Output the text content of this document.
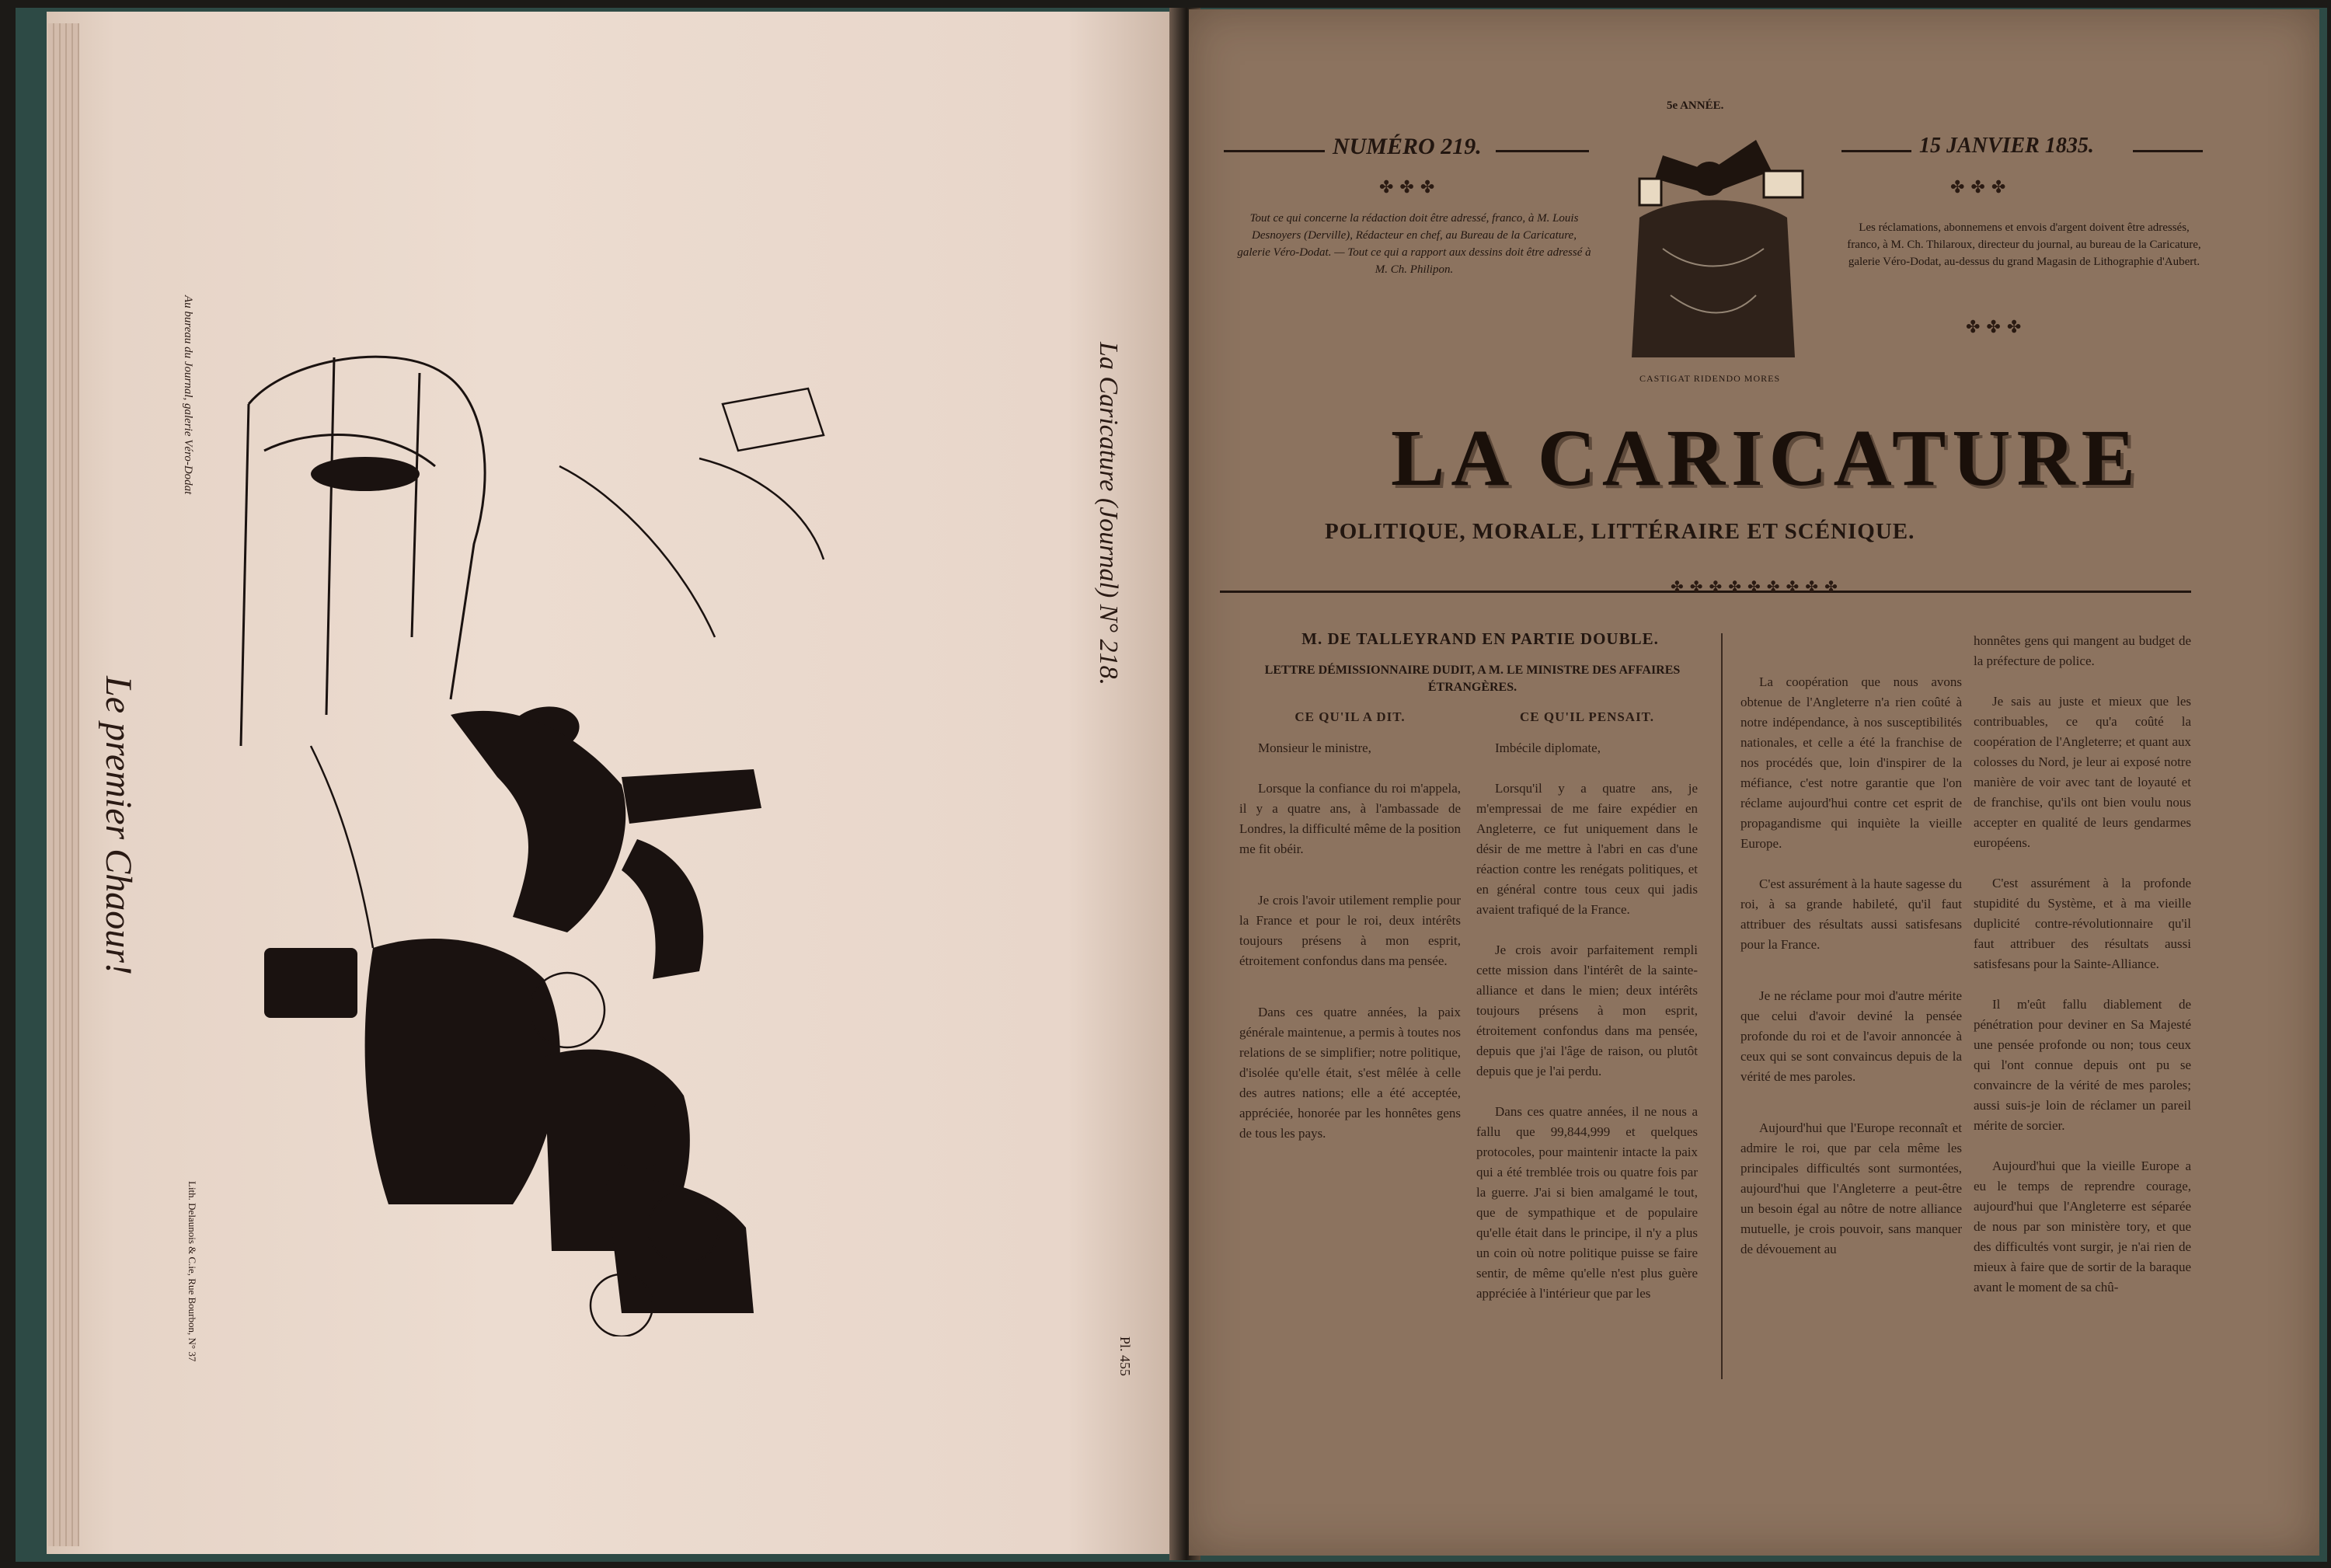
La Caricature (Journal) N° 218.
Le premier Chaour!
Au bureau du Journal, galerie Véro-Dodat
Lith. Delaunois & C.ie, Rue Bourbon, N° 37	Pl. 455
5e ANNÉE.
NUMÉRO 219.	15 JANVIER 1835.
✤✤✤	✤✤✤
CASTIGAT RIDENDO MORES
Tout ce qui concerne la rédaction doit être adressé, franco, à M. Louis Desnoyers (Derville), Rédacteur en chef, au Bureau de la Caricature, galerie Véro-Dodat. — Tout ce qui a rapport aux dessins doit être adressé à M. Ch. Philipon.
Les réclamations, abonnemens et envois d'argent doivent être adressés, franco, à M. Ch. Thilaroux, directeur du journal, au bureau de la Caricature, galerie Véro-Dodat, au-dessus du grand Magasin de Lithographie d'Aubert.
✤✤✤
LA CARICATURE
POLITIQUE, MORALE, LITTÉRAIRE ET SCÉNIQUE.
✤✤✤✤✤✤✤✤✤
M. DE TALLEYRAND EN PARTIE DOUBLE.
LETTRE DÉMISSIONNAIRE DUDIT, A M. LE MINISTRE DES AFFAIRES ÉTRANGÈRES.

CE QU'IL A DIT.

Monsieur le ministre,

Lorsque la confiance du roi m'appela, il y a quatre ans, à l'ambassade de Londres, la difficulté même de la position me fit obéir.

Je crois l'avoir utilement remplie pour la France et pour le roi, deux intérêts toujours présens à mon esprit, étroitement confondus dans ma pensée.

Dans ces quatre années, la paix générale maintenue, a permis à toutes nos relations de se simplifier; notre politique, d'isolée qu'elle était, s'est mêlée à celle des autres nations; elle a été acceptée, appréciée, honorée par les honnêtes gens de tous les pays.

CE QU'IL PENSAIT.

Imbécile diplomate,

Lorsqu'il y a quatre ans, je m'empressai de me faire expédier en Angleterre, ce fut uniquement dans le désir de me mettre à l'abri en cas d'une réaction contre les renégats politiques, et en général contre tous ceux qui jadis avaient trafiqué de la France.

Je crois avoir parfaitement rempli cette mission dans l'intérêt de la sainte-alliance et dans le mien; deux intérêts toujours présens à mon esprit, étroitement confondus dans ma pensée, depuis que j'ai l'âge de raison, ou plutôt depuis que je l'ai perdu.

Dans ces quatre années, il ne nous a fallu que 99,844,999 et quelques protocoles, pour maintenir intacte la paix qui a été tremblée trois ou quatre fois par la guerre. J'ai si bien amalgamé le tout, que de sympathique et de populaire qu'elle était dans le principe, il n'y a plus un coin où notre politique puisse se faire sentir, de même qu'elle n'est plus guère appréciée à l'intérieur que par les

La coopération que nous avons obtenue de l'Angleterre n'a rien coûté à notre indépendance, à nos susceptibilités nationales, et celle a été la franchise de nos procédés que, loin d'inspirer de la méfiance, c'est notre garantie que l'on réclame aujourd'hui contre cet esprit de propagandisme qui inquiète la vieille Europe.

C'est assurément à la haute sagesse du roi, à sa grande habileté, qu'il faut attribuer des résultats aussi satisfesans pour la France.

Je ne réclame pour moi d'autre mérite que celui d'avoir deviné la pensée profonde du roi et de l'avoir annoncée à ceux qui se sont convaincus depuis de la vérité de mes paroles.

Aujourd'hui que l'Europe reconnaît et admire le roi, que par cela même les principales difficultés sont surmontées, aujourd'hui que l'Angleterre a peut-être un besoin égal au nôtre de notre alliance mutuelle, je crois pouvoir, sans manquer de dévouement au

honnêtes gens qui mangent au budget de la préfecture de police.

Je sais au juste et mieux que les contribuables, ce qu'a coûté la coopération de l'Angleterre; et quant aux colosses du Nord, je leur ai exposé notre manière de voir avec tant de loyauté et de franchise, qu'ils ont bien voulu nous accepter en qualité de leurs gendarmes européens.

C'est assurément à la profonde stupidité du Système, et à ma vieille duplicité contre-révolutionnaire qu'il faut attribuer des résultats aussi satisfesans pour la Sainte-Alliance.

Il m'eût fallu diablement de pénétration pour deviner en Sa Majesté une pensée profonde ou non; tous ceux qui l'ont connue depuis ont pu se convaincre de la vérité de mes paroles; aussi suis-je loin de réclamer un pareil mérite de sorcier.

Aujourd'hui que la vieille Europe a eu le temps de reprendre courage, aujourd'hui que l'Angleterre est séparée de nous par son ministère tory, et que des difficultés vont surgir, je n'ai rien de mieux à faire que de sortir de la baraque avant le moment de sa chû-
